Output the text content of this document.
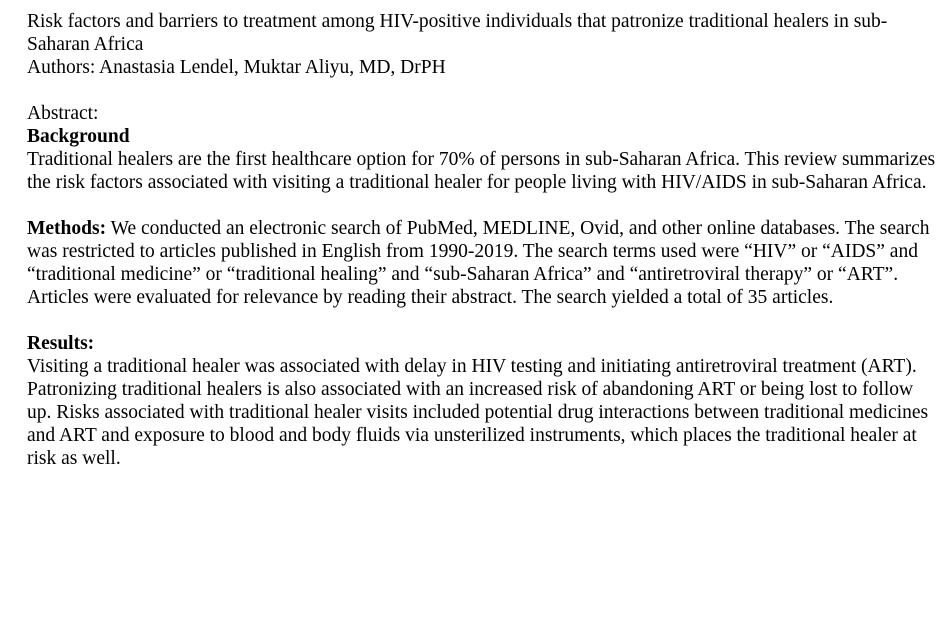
Risk factors and barriers to treatment among HIV-positive individuals that patronize traditional healers in sub-Saharan Africa

Authors: Anastasia Lendel, Muktar Aliyu, MD, DrPH

Abstract:

Background

Traditional healers are the first healthcare option for 70% of persons in sub-Saharan Africa. This review summarizes the risk factors associated with visiting a traditional healer for people living with HIV/AIDS in sub-Saharan Africa.

Methods: We conducted an electronic search of PubMed, MEDLINE, Ovid, and other online databases. The search was restricted to articles published in English from 1990-2019. The search terms used were “HIV” or “AIDS” and “traditional medicine” or “traditional healing” and “sub-Saharan Africa” and “antiretroviral therapy” or “ART”. Articles were evaluated for relevance by reading their abstract. The search yielded a total of 35 articles.

Results:

Visiting a traditional healer was associated with delay in HIV testing and initiating antiretroviral treatment (ART). Patronizing traditional healers is also associated with an increased risk of abandoning ART or being lost to follow up. Risks associated with traditional healer visits included potential drug interactions between traditional medicines and ART and exposure to blood and body fluids via unsterilized instruments, which places the traditional healer at risk as well.
